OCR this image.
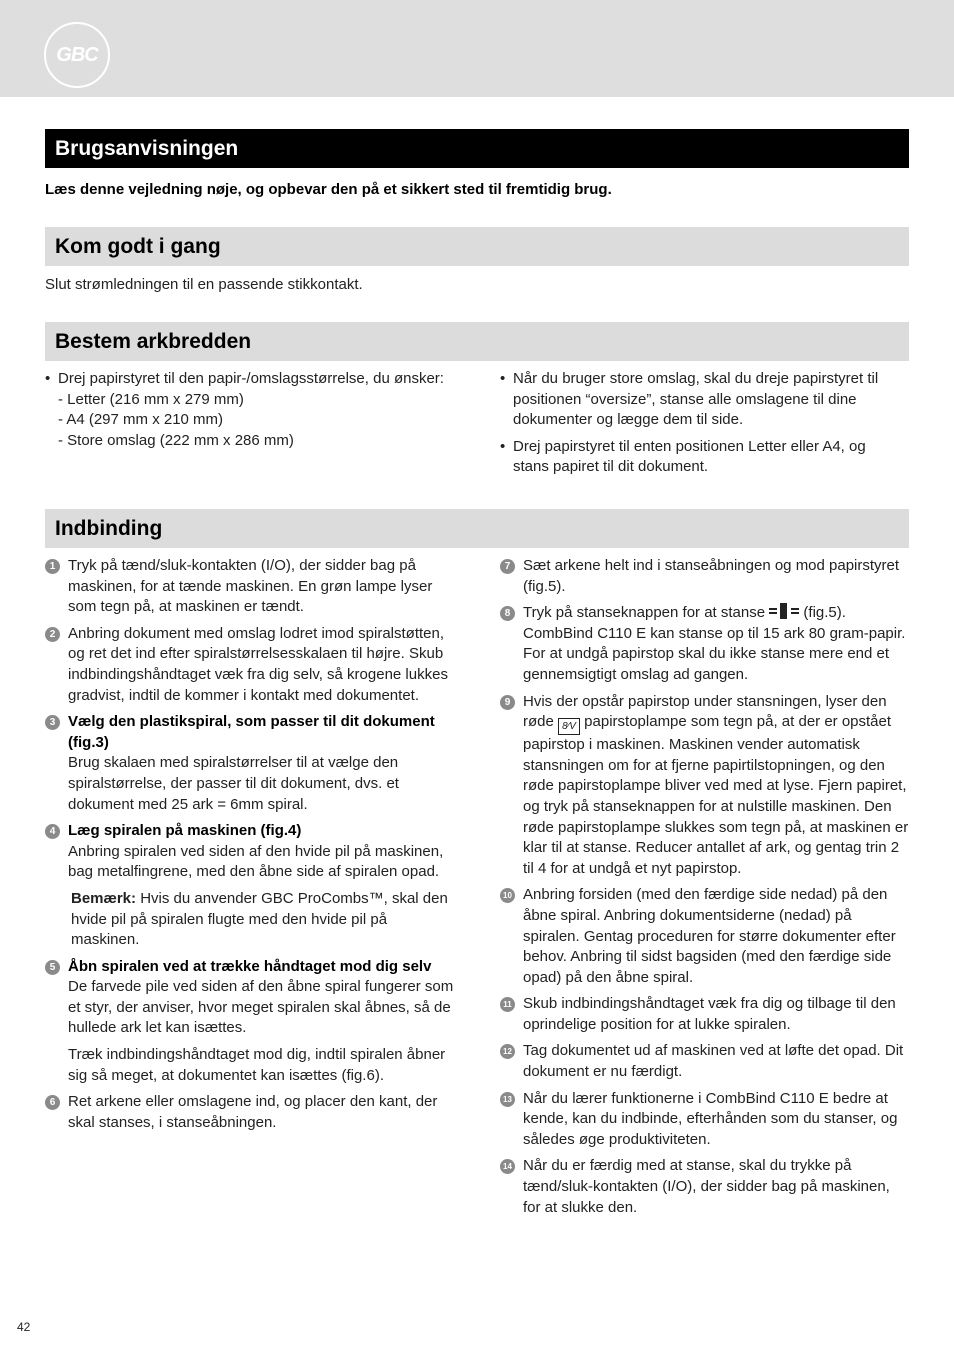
GBC
Brugsanvisningen
Læs denne vejledning nøje, og opbevar den på et sikkert sted til fremtidig brug.
Kom godt i gang
Slut strømledningen til en passende stikkontakt.
Bestem arkbredden
• Drej papirstyret til den papir-/omslagsstørrelse, du ønsker:
- Letter (216 mm x 279 mm)
- A4 (297 mm x 210 mm)
- Store omslag (222 mm x 286 mm)
• Når du bruger store omslag, skal du dreje papirstyret til positionen “oversize”, stanse alle omslagene til dine dokumenter og lægge dem til side.
• Drej papirstyret til enten positionen Letter eller A4, og stans papiret til dit dokument.
Indbinding
1 Tryk på tænd/sluk-kontakten (I/O), der sidder bag på maskinen, for at tænde maskinen. En grøn lampe lyser som tegn på, at maskinen er tændt.
2 Anbring dokument med omslag lodret imod spiralstøtten, og ret det ind efter spiralstørrelsesskalaen til højre. Skub indbindingshåndtaget væk fra dig selv, så krogene lukkes gradvist, indtil de kommer i kontakt med dokumentet.
3 Vælg den plastikspiral, som passer til dit dokument (fig.3)
Brug skalaen med spiralstørrelser til at vælge den spiralstørrelse, der passer til dit dokument, dvs. et dokument med 25 ark = 6mm spiral.
4 Læg spiralen på maskinen (fig.4)
Anbring spiralen ved siden af den hvide pil på maskinen, bag metalfingrene, med den åbne side af spiralen opad.
Bemærk: Hvis du anvender GBC ProCombs™, skal den hvide pil på spiralen flugte med den hvide pil på maskinen.
5 Åbn spiralen ved at trække håndtaget mod dig selv
De farvede pile ved siden af den åbne spiral fungerer som et styr, der anviser, hvor meget spiralen skal åbnes, så de hullede ark let kan isættes.
Træk indbindingshåndtaget mod dig, indtil spiralen åbner sig så meget, at dokumentet kan isættes (fig.6).
6 Ret arkene eller omslagene ind, og placer den kant, der skal stanses, i stanseåbningen.
7 Sæt arkene helt ind i stanseåbningen og mod papirstyret (fig.5).
8 Tryk på stanseknappen for at stanse
(fig.5). CombBind C110 E kan stanse op til 15 ark 80 gram-papir. For at undgå papirstop skal du ikke stanse mere end et gennemsigtigt omslag ad gangen.
9 Hvis der opstår papirstop under stansningen, lyser den røde 8⁄V papirstoplampe som tegn på, at der er opstået papirstop i maskinen. Maskinen vender automatisk stansningen om for at fjerne papirtilstopningen, og den røde papirstoplampe bliver ved med at lyse. Fjern papiret, og tryk på stanseknappen for at nulstille maskinen. Den røde papirstoplampe slukkes som tegn på, at maskinen er klar til at stanse. Reducer antallet af ark, og gentag trin 2 til 4 for at undgå et nyt papirstop.
10 Anbring forsiden (med den færdige side nedad) på den åbne spiral. Anbring dokumentsiderne (nedad) på spiralen. Gentag proceduren for større dokumenter efter behov. Anbring til sidst bagsiden (med den færdige side opad) på den åbne spiral.
11 Skub indbindingshåndtaget væk fra dig og tilbage til den oprindelige position for at lukke spiralen.
12 Tag dokumentet ud af maskinen ved at løfte det opad. Dit dokument er nu færdigt.
13 Når du lærer funktionerne i CombBind C110 E bedre at kende, kan du indbinde, efterhånden som du stanser, og således øge produktiviteten.
14 Når du er færdig med at stanse, skal du trykke på tænd/sluk-kontakten (I/O), der sidder bag på maskinen, for at slukke den.
42
